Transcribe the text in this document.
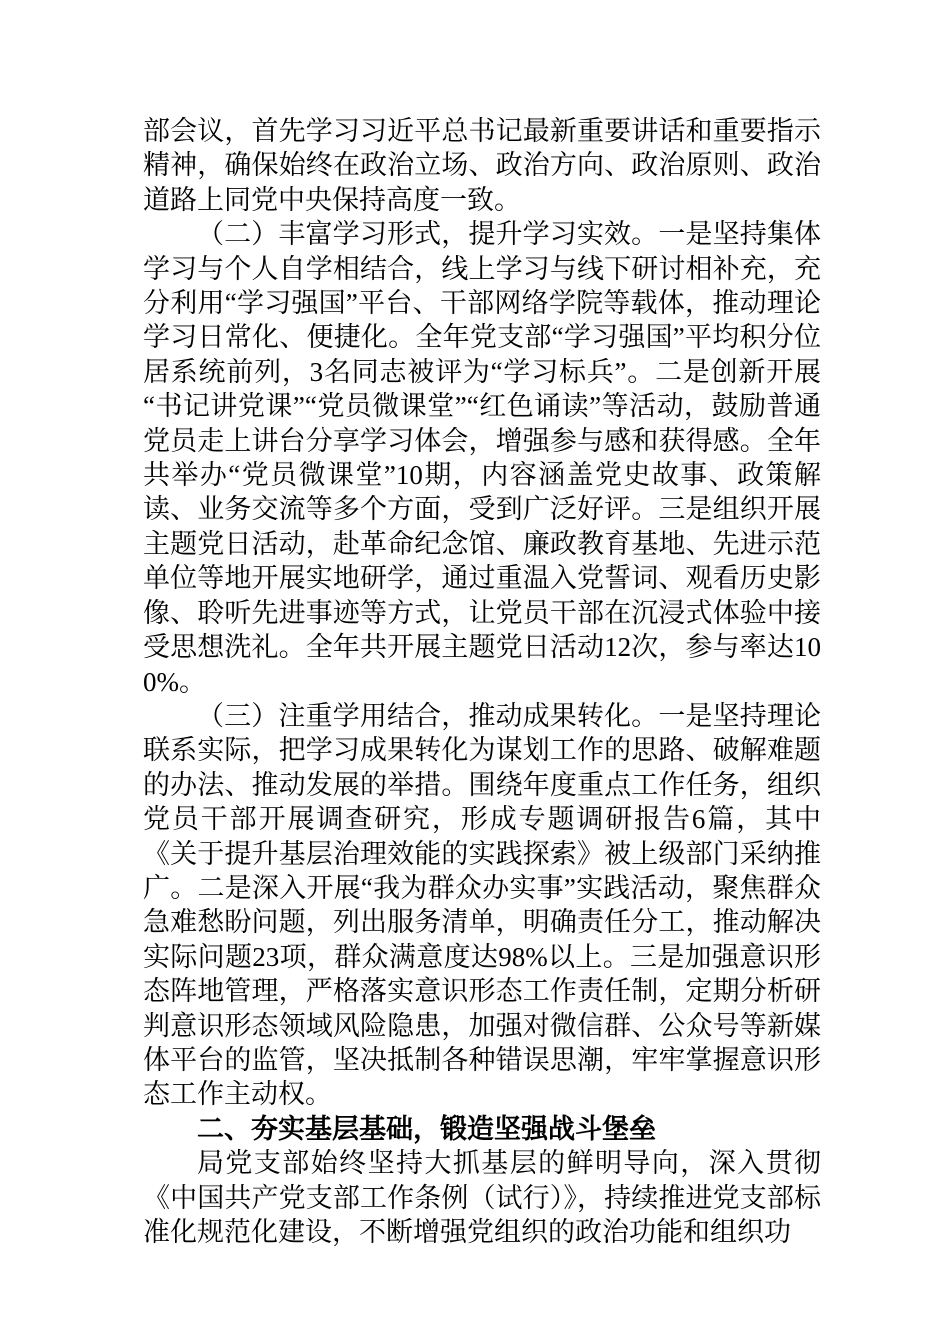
部会议，首先学习习近平总书记最新重要讲话和重要指示精神，确保始终在政治立场、政治方向、政治原则、政治道路上同党中央保持高度一致。

（二）丰富学习形式，提升学习实效。一是坚持集体学习与个人自学相结合，线上学习与线下研讨相补充，充分利用“学习强国”平台、干部网络学院等载体，推动理论学习日常化、便捷化。全年党支部“学习强国”平均积分位居系统前列，3名同志被评为“学习标兵”。二是创新开展“书记讲党课”“党员微课堂”“红色诵读”等活动，鼓励普通党员走上讲台分享学习体会，增强参与感和获得感。全年共举办“党员微课堂”10期，内容涵盖党史故事、政策解读、业务交流等多个方面，受到广泛好评。三是组织开展主题党日活动，赴革命纪念馆、廉政教育基地、先进示范单位等地开展实地研学，通过重温入党誓词、观看历史影像、聆听先进事迹等方式，让党员干部在沉浸式体验中接受思想洗礼。全年共开展主题党日活动12次，参与率达100%。

（三）注重学用结合，推动成果转化。一是坚持理论联系实际，把学习成果转化为谋划工作的思路、破解难题的办法、推动发展的举措。围绕年度重点工作任务，组织党员干部开展调查研究，形成专题调研报告6篇，其中《关于提升基层治理效能的实践探索》被上级部门采纳推广。二是深入开展“我为群众办实事”实践活动，聚焦群众急难愁盼问题，列出服务清单，明确责任分工，推动解决实际问题23项，群众满意度达98%以上。三是加强意识形态阵地管理，严格落实意识形态工作责任制，定期分析研判意识形态领域风险隐患，加强对微信群、公众号等新媒体平台的监管，坚决抵制各种错误思潮，牢牢掌握意识形态工作主动权。

二、夯实基层基础，锻造坚强战斗堡垒

局党支部始终坚持大抓基层的鲜明导向，深入贯彻《中国共产党支部工作条例（试行）》，持续推进党支部标准化规范化建设，不断增强党组织的政治功能和组织功
